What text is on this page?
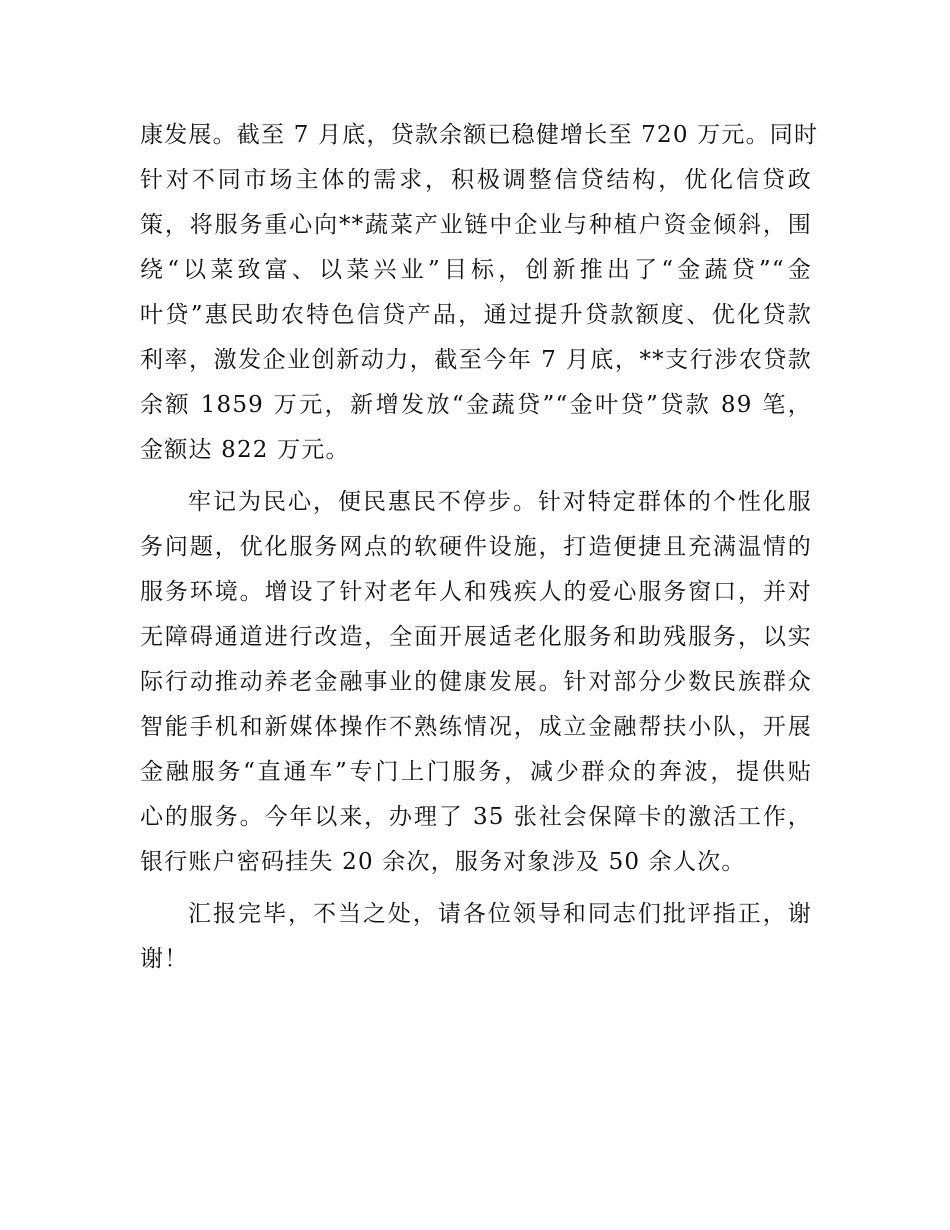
康发展。截至 7 月底，贷款余额已稳健增长至 720 万元。同时
针对不同市场主体的需求，积极调整信贷结构，优化信贷政
策，将服务重心向**蔬菜产业链中企业与种植户资金倾斜，围
绕“以菜致富、以菜兴业”目标，创新推出了“金蔬贷”“金
叶贷”惠民助农特色信贷产品，通过提升贷款额度、优化贷款
利率，激发企业创新动力，截至今年 7 月底，**支行涉农贷款
余额 1859 万元，新增发放“金蔬贷”“金叶贷”贷款 89 笔，
金额达 822 万元。
牢记为民心，便民惠民不停步。针对特定群体的个性化服
务问题，优化服务网点的软硬件设施，打造便捷且充满温情的
服务环境。增设了针对老年人和残疾人的爱心服务窗口，并对
无障碍通道进行改造，全面开展适老化服务和助残服务，以实
际行动推动养老金融事业的健康发展。针对部分少数民族群众
智能手机和新媒体操作不熟练情况，成立金融帮扶小队，开展
金融服务“直通车”专门上门服务，减少群众的奔波，提供贴
心的服务。今年以来，办理了 35 张社会保障卡的激活工作，
银行账户密码挂失 20 余次，服务对象涉及 50 余人次。
汇报完毕，不当之处，请各位领导和同志们批评指正，谢
谢！
